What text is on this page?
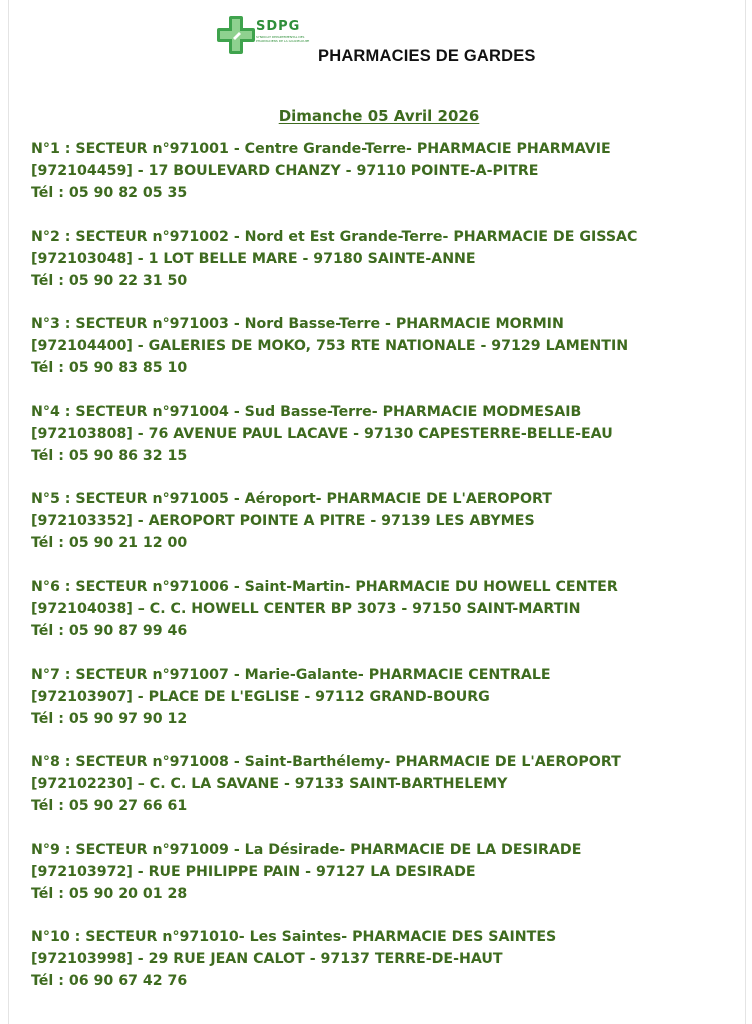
SDPG
SYNDICAT DEPARTEMENTAL DES PHARMACIENS DE LA GUADELOUPE
PHARMACIES DE GARDES
Dimanche 05 Avril 2026
N°1 : SECTEUR n°971001 - Centre Grande-Terre- PHARMACIE PHARMAVIE
[972104459] - 17 BOULEVARD CHANZY - 97110 POINTE-A-PITRE
Tél : 05 90 82 05 35
N°2 : SECTEUR n°971002 - Nord et Est Grande-Terre- PHARMACIE DE GISSAC
[972103048] - 1 LOT BELLE MARE - 97180 SAINTE-ANNE
Tél : 05 90 22 31 50
N°3 : SECTEUR n°971003 - Nord Basse-Terre - PHARMACIE MORMIN
[972104400] - GALERIES DE MOKO, 753 RTE NATIONALE - 97129 LAMENTIN
Tél : 05 90 83 85 10
N°4 : SECTEUR n°971004 - Sud Basse-Terre- PHARMACIE MODMESAIB
[972103808] - 76 AVENUE PAUL LACAVE - 97130 CAPESTERRE-BELLE-EAU
Tél : 05 90 86 32 15
N°5 : SECTEUR n°971005 - Aéroport- PHARMACIE DE L'AEROPORT
[972103352] - AEROPORT POINTE A PITRE - 97139 LES ABYMES
Tél : 05 90 21 12 00
N°6 : SECTEUR n°971006 - Saint-Martin- PHARMACIE DU HOWELL CENTER
[972104038] – C. C. HOWELL CENTER BP 3073 - 97150 SAINT-MARTIN
Tél : 05 90 87 99 46
N°7 : SECTEUR n°971007 - Marie-Galante- PHARMACIE CENTRALE
[972103907] - PLACE DE L'EGLISE - 97112 GRAND-BOURG
Tél : 05 90 97 90 12
N°8 : SECTEUR n°971008 - Saint-Barthélemy- PHARMACIE DE L'AEROPORT
[972102230] – C. C. LA SAVANE - 97133 SAINT-BARTHELEMY
Tél : 05 90 27 66 61
N°9 : SECTEUR n°971009 - La Désirade- PHARMACIE DE LA DESIRADE
[972103972] - RUE PHILIPPE PAIN - 97127 LA DESIRADE
Tél : 05 90 20 01 28
N°10 : SECTEUR n°971010- Les Saintes- PHARMACIE DES SAINTES
[972103998] - 29 RUE JEAN CALOT - 97137 TERRE-DE-HAUT
Tél : 06 90 67 42 76
